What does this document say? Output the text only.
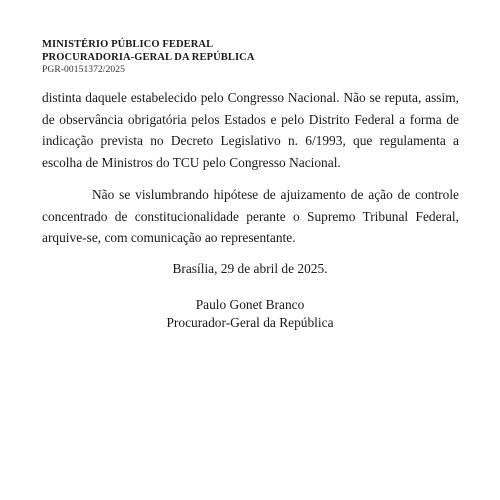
MINISTÉRIO PÚBLICO FEDERAL
PROCURADORIA-GERAL DA REPÚBLICA
PGR-00151372/2025

distinta daquele estabelecido pelo Congresso Nacional. Não se reputa, assim, de observância obrigatória pelos Estados e pelo Distrito Federal a forma de indicação prevista no Decreto Legislativo n. 6/1993, que regulamenta a escolha de Ministros do TCU pelo Congresso Nacional.

Não se vislumbrando hipótese de ajuizamento de ação de controle concentrado de constitucionalidade perante o Supremo Tribunal Federal, arquive-se, com comunicação ao representante.

Brasília, 29 de abril de 2025.
Paulo Gonet Branco
Procurador-Geral da República
